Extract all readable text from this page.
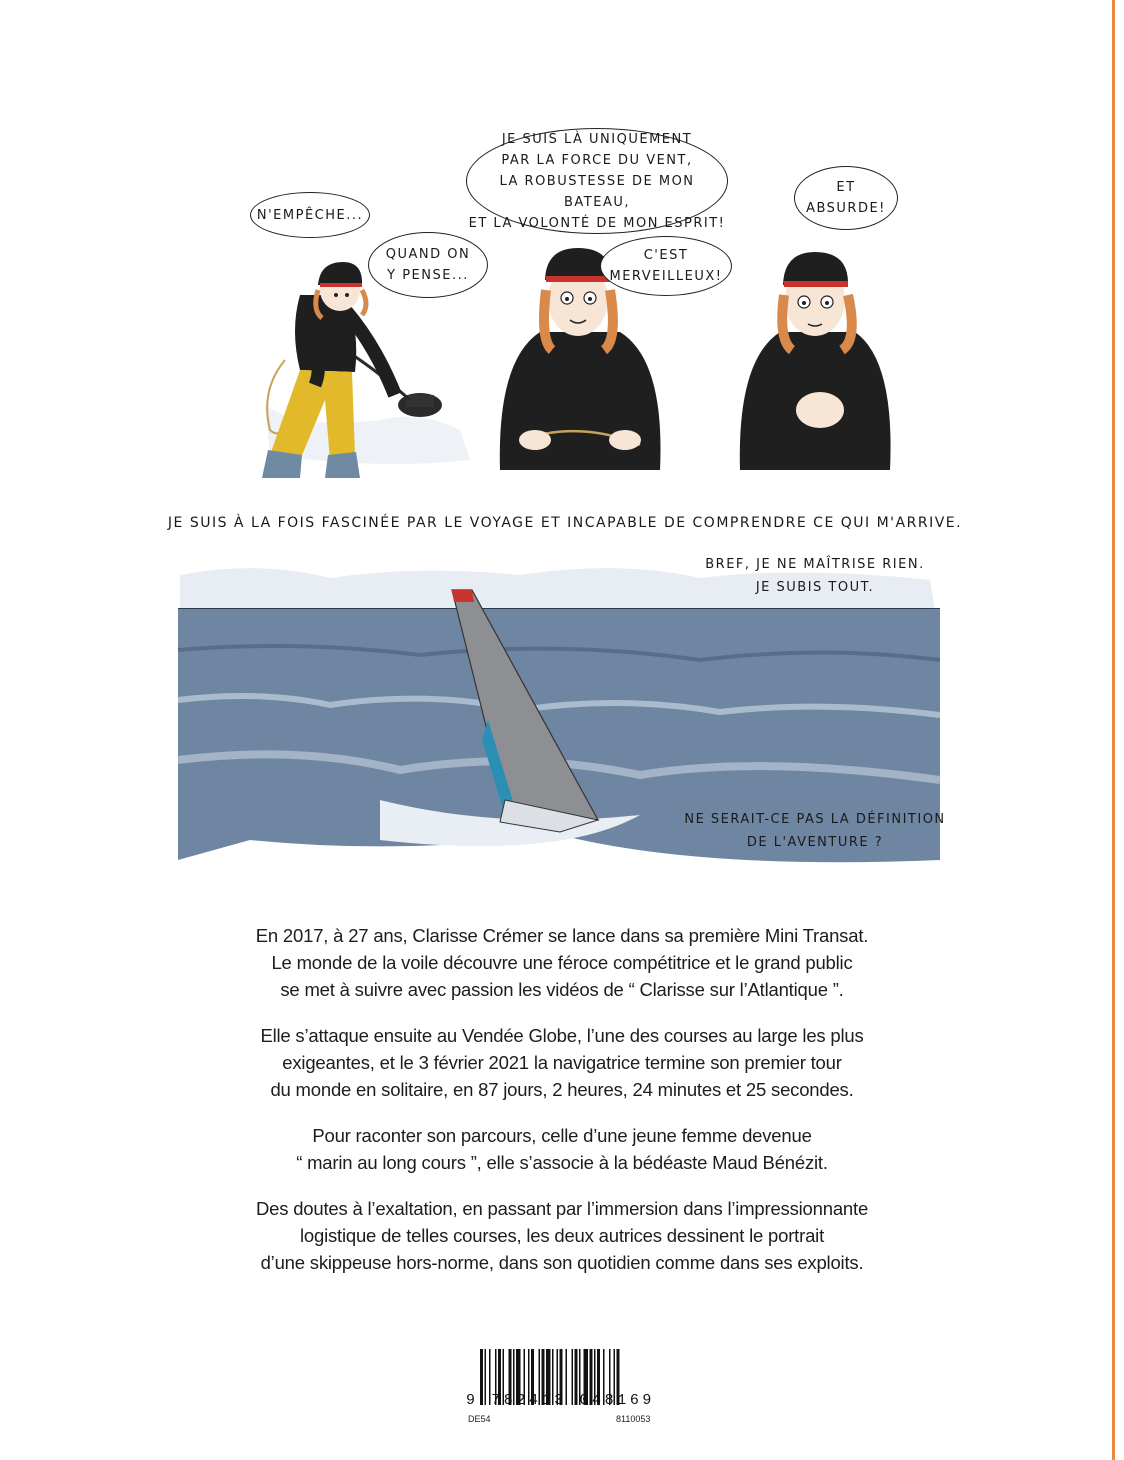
N'EMPÊCHE...
QUAND ON
Y PENSE...
JE SUIS LÀ UNIQUEMENT
PAR LA FORCE DU VENT,
LA ROBUSTESSE DE MON BATEAU,
ET LA VOLONTÉ DE MON ESPRIT!
C'EST
MERVEILLEUX!
ET
ABSURDE!
JE SUIS À LA FOIS FASCINÉE PAR LE VOYAGE ET INCAPABLE DE COMPRENDRE CE QUI M'ARRIVE.
BREF, JE NE MAÎTRISE RIEN.
JE SUBIS TOUT.
NE SERAIT-CE PAS LA DÉFINITION
DE L'AVENTURE ?

En 2017, à 27 ans, Clarisse Crémer se lance dans sa première Mini Transat.
Le monde de la voile découvre une féroce compétitrice et le grand public
se met à suivre avec passion les vidéos de “ Clarisse sur l’Atlantique ”.

Elle s’attaque ensuite au Vendée Globe, l’une des courses au large les plus
exigeantes, et le 3 février 2021 la navigatrice termine son premier tour
du monde en solitaire, en 87 jours, 2 heures, 24 minutes et 25 secondes.

Pour raconter son parcours, celle d’une jeune femme devenue
“ marin au long cours ”, elle s’associe à la bédéaste Maud Bénézit.

Des doutes à l’exaltation, en passant par l’immersion dans l’impressionnante
logistique de telles courses, les deux autrices dessinent le portrait
d’une skippeuse hors-norme, dans son quotidien comme dans ses exploits.

9 782413 048169
DE54	8110053
